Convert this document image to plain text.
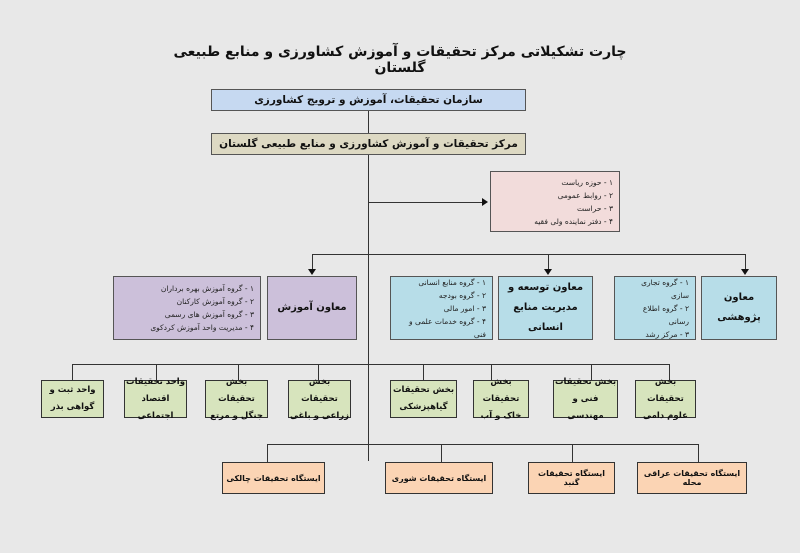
چارت تشکیلاتی مرکز تحقیقات و آموزش کشاورزی و منابع طبیعی گلستان
سازمان تحقیقات، آموزش و ترویج کشاورزی
مرکز تحقیقات و آموزش کشاورزی و منابع طبیعی گلستان
۱ - حوزه ریاست
۲ - روابط عمومی
۳ - حراست
۴ - دفتر نماینده ولی فقیه
۱ - گروه آموزش بهره برداران
۲ - گروه آموزش کارکنان
۳ - گروه آموزش های رسمی
۴ - مدیریت واحد آموزش کردکوی
معاون آموزش
۱ - گروه منابع انسانی
۲ - گروه بودجه
۳ - امور مالی
۴ - گروه خدمات علمی و فنی
معاون توسعه و
مدیریت منابع انسانی
۱ - گروه تجاری سازی
۲ - گروه اطلاع رسانی
۳ - مرکز رشد
معاون پژوهشی
واحد ثبت و
گواهی بذر
واحد تحقیقات
اقتصاد اجتماعی
بخش تحقیقات
جنگل و مرتع
بخش تحقیقات
زراعی و باغی
بخش تحقیقات
گیاهپزشکی
بخش تحقیقات
خاک و آب
بخش تحقیقات
فنی و مهندسی
بخش تحقیقات
علوم دامی
ایستگاه تحقیقات چالکی	ایستگاه تحقیقات شوری	ایستگاه تحقیقات گنبد
ایستگاه تحقیقات عراقی محله
